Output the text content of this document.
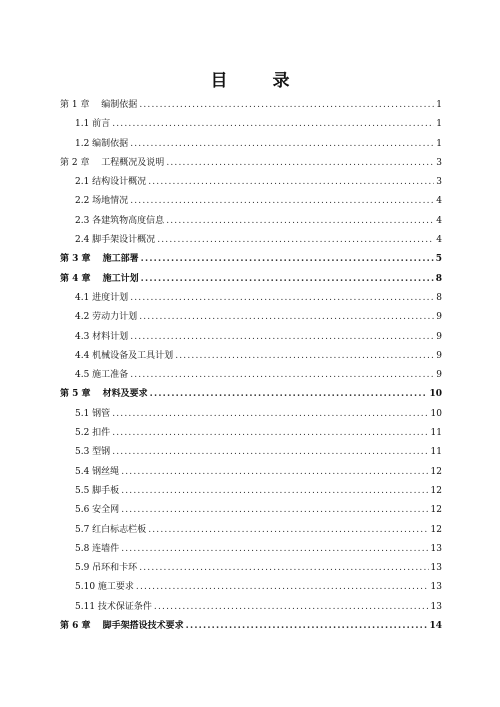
目　录
第 1 章　 编制依据 .....	1
1.1 前言 .....	1
1.2 编制依据 .....	1
第 2 章　 工程概况及说明 .....	3
2.1 结构设计概况 .....	3
2.2 场地情况 .....	4
2.3 各建筑物高度信息 .....	4
2.4 脚手架设计概况 .....	4
第 3 章　 施工部署 .....	5
第 4 章　 施工计划 .....	8
4.1 进度计划 .....	8
4.2 劳动力计划 .....	9
4.3 材料计划 .....	9
4.4 机械设备及工具计划 .....	9
4.5 施工准备 .....	9
第 5 章　 材料及要求 .....	10
5.1 钢管 .....	10
5.2 扣件 .....	11
5.3 型钢 .....	11
5.4 钢丝绳 .....	12
5.5 脚手板 .....	12
5.6 安全网 .....	12
5.7 红白标志栏板 .....	12
5.8 连墙件 .....	13
5.9 吊环和卡环 .....	13
5.10 施工要求 .....	13
5.11 技术保证条件 .....	13
第 6 章　 脚手架搭设技术要求 .....	14
